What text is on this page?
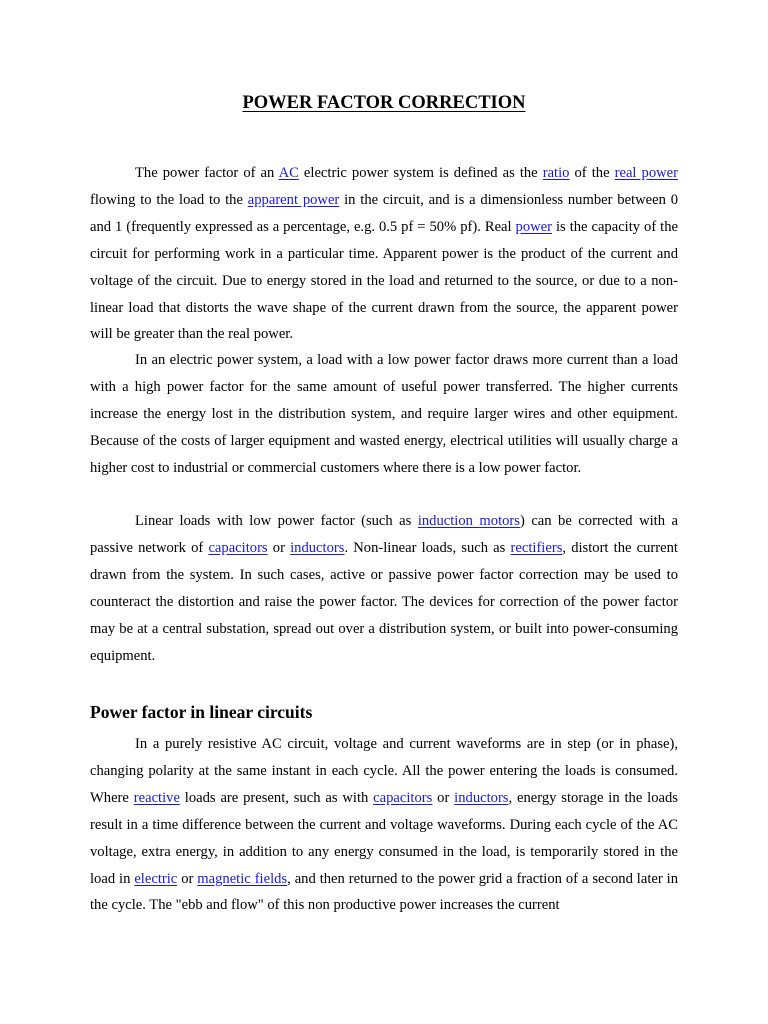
POWER FACTOR CORRECTION

The power factor of an AC electric power system is defined as the ratio of the real power flowing to the load to the apparent power in the circuit, and is a dimensionless number between 0 and 1 (frequently expressed as a percentage, e.g. 0.5 pf = 50% pf). Real power is the capacity of the circuit for performing work in a particular time. Apparent power is the product of the current and voltage of the circuit. Due to energy stored in the load and returned to the source, or due to a non-linear load that distorts the wave shape of the current drawn from the source, the apparent power will be greater than the real power.

In an electric power system, a load with a low power factor draws more current than a load with a high power factor for the same amount of useful power transferred. The higher currents increase the energy lost in the distribution system, and require larger wires and other equipment. Because of the costs of larger equipment and wasted energy, electrical utilities will usually charge a higher cost to industrial or commercial customers where there is a low power factor.

Linear loads with low power factor (such as induction motors) can be corrected with a passive network of capacitors or inductors. Non-linear loads, such as rectifiers, distort the current drawn from the system. In such cases, active or passive power factor correction may be used to counteract the distortion and raise the power factor. The devices for correction of the power factor may be at a central substation, spread out over a distribution system, or built into power-consuming equipment.

Power factor in linear circuits

In a purely resistive AC circuit, voltage and current waveforms are in step (or in phase), changing polarity at the same instant in each cycle. All the power entering the loads is consumed. Where reactive loads are present, such as with capacitors or inductors, energy storage in the loads result in a time difference between the current and voltage waveforms. During each cycle of the AC voltage, extra energy, in addition to any energy consumed in the load, is temporarily stored in the load in electric or magnetic fields, and then returned to the power grid a fraction of a second later in the cycle. The "ebb and flow" of this non productive power increases the current
